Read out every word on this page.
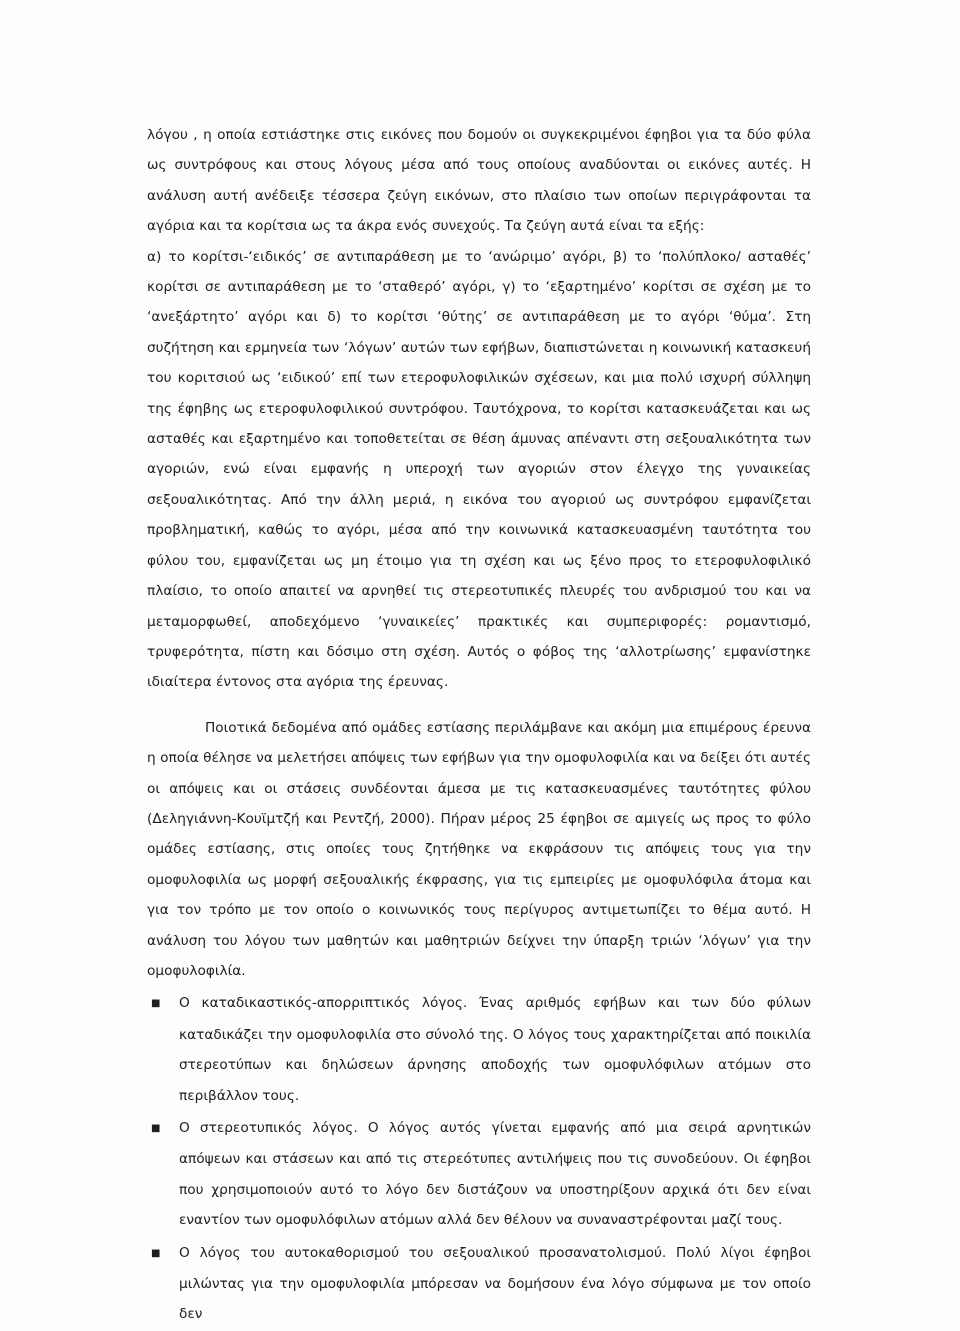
λόγου , η οποία εστιάστηκε στις εικόνες που δομούν οι συγκεκριμένοι έφηβοι για τα δύο φύλα ως συντρόφους και στους λόγους μέσα από τους οποίους αναδύονται οι εικόνες αυτές. Η ανάλυση αυτή ανέδειξε τέσσερα ζεύγη εικόνων, στο πλαίσιο των οποίων περιγράφονται τα αγόρια και τα κορίτσια ως τα άκρα ενός συνεχούς. Τα ζεύγη αυτά είναι τα εξής:

α) το κορίτσι-‘ειδικός’ σε αντιπαράθεση με το ‘ανώριμο’ αγόρι, β) το ‘πολύπλοκο/ ασταθές’ κορίτσι σε αντιπαράθεση με το ‘σταθερό’ αγόρι, γ) το ‘εξαρτημένο’ κορίτσι σε σχέση με το ‘ανεξάρτητο’ αγόρι και δ) το κορίτσι ‘θύτης’ σε αντιπαράθεση με το αγόρι ‘θύμα’. Στη συζήτηση και ερμηνεία των ‘λόγων’ αυτών των εφήβων, διαπιστώνεται η κοινωνική κατασκευή του κοριτσιού ως ‘ειδικού’ επί των ετεροφυλοφιλικών σχέσεων, και μια πολύ ισχυρή σύλληψη της έφηβης ως ετεροφυλοφιλικού συντρόφου. Ταυτόχρονα, το κορίτσι κατασκευάζεται και ως ασταθές και εξαρτημένο και τοποθετείται σε θέση άμυνας απέναντι στη σεξουαλικότητα των αγοριών, ενώ είναι εμφανής η υπεροχή των αγοριών στον έλεγχο της γυναικείας σεξουαλικότητας. Από την άλλη μεριά, η εικόνα του αγοριού ως συντρόφου εμφανίζεται προβληματική, καθώς το αγόρι, μέσα από την κοινωνικά κατασκευασμένη ταυτότητα του φύλου του, εμφανίζεται ως μη έτοιμο για τη σχέση και ως ξένο προς το ετεροφυλοφιλικό πλαίσιο, το οποίο απαιτεί να αρνηθεί τις στερεοτυπικές πλευρές του ανδρισμού του και να μεταμορφωθεί, αποδεχόμενο ‘γυναικείες’ πρακτικές και συμπεριφορές: ρομαντισμό, τρυφερότητα, πίστη και δόσιμο στη σχέση. Αυτός ο φόβος της ‘αλλοτρίωσης’ εμφανίστηκε ιδιαίτερα έντονος στα αγόρια της έρευνας.

Ποιοτικά δεδομένα από ομάδες εστίασης περιλάμβανε και ακόμη μια επιμέρους έρευνα η οποία θέλησε να μελετήσει απόψεις των εφήβων για την ομοφυλοφιλία και να δείξει ότι αυτές οι απόψεις και οι στάσεις συνδέονται άμεσα με τις κατασκευασμένες ταυτότητες φύλου (Δεληγιάννη-Κουϊμτζή και Ρεντζή, 2000). Πήραν μέρος 25 έφηβοι σε αμιγείς ως προς το φύλο ομάδες εστίασης, στις οποίες τους ζητήθηκε να εκφράσουν τις απόψεις τους για την ομοφυλοφιλία ως μορφή σεξουαλικής έκφρασης, για τις εμπειρίες με ομοφυλόφιλα άτομα και για τον τρόπο με τον οποίο ο κοινωνικός τους περίγυρος αντιμετωπίζει το θέμα αυτό. Η ανάλυση του λόγου των μαθητών και μαθητριών δείχνει την ύπαρξη τριών ‘λόγων’ για την ομοφυλοφιλία.

■ Ο καταδικαστικός-απορριπτικός λόγος. Ένας αριθμός εφήβων και των δύο φύλων καταδικάζει την ομοφυλοφιλία στο σύνολό της. Ο λόγος τους χαρακτηρίζεται από ποικιλία στερεοτύπων και δηλώσεων άρνησης αποδοχής των ομοφυλόφιλων ατόμων στο περιβάλλον τους.

■ Ο στερεοτυπικός λόγος. Ο λόγος αυτός γίνεται εμφανής από μια σειρά αρνητικών απόψεων και στάσεων και από τις στερεότυπες αντιλήψεις που τις συνοδεύουν. Οι έφηβοι που χρησιμοποιούν αυτό το λόγο δεν διστάζουν να υποστηρίξουν αρχικά ότι δεν είναι εναντίον των ομοφυλόφιλων ατόμων αλλά δεν θέλουν να συναναστρέφονται μαζί τους.

■ Ο λόγος του αυτοκαθορισμού του σεξουαλικού προσανατολισμού. Πολύ λίγοι έφηβοι μιλώντας για την ομοφυλοφιλία μπόρεσαν να δομήσουν ένα λόγο σύμφωνα με τον οποίο δεν
